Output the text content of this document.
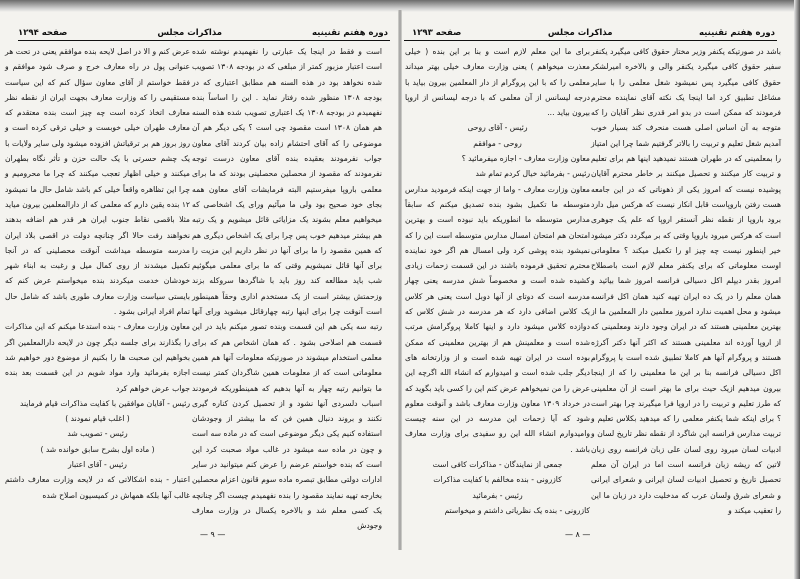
دوره هفتم تقنینیه
مذاکرات مجلس
صفحه ۱۲۹۴

عرض کنم و الا در اصل لایحه بنده موافقم یعنی در تحت هر عنوانی پول در راه معارف خرج و صرف شود موافقم و فقط خواستم از آقای معاون سؤال کنم که این سیاست مستقیمی را که وزارت معارف بجهت ایران از نقطه نظر معارف اتخاذ کرده است چه چیز است بنده معتقدم که معارف طهران خیلی خوبست و خیلی ترقی کرده است و روز بروز هم بر ترقیاتش افزوده میشود ولی سایر ولایات با یک چشم حسرتی با یک حالت حزن و تأثر نگاه بطهران میکنند و خیلی اظهار تعجب میکنند که چرا ما محرومیم و چرا این تظاهره واقعاً خیلی کم باشد شامل حال ما نمیشود ۱۲ بنده یقین دارم که معلمی که از دارالمعلمین بیرون میاید مثلا باقصی نقاط جنوب ایران هر قدر هم اضافه بدهند نخواهند رفت حالا اگر چنانچه دولت در اقصی بلاد ایران مدرسه متوسطه میداشت آنوقت محصلینی که در آنجا تکمیل میشدند از روی کمال میل و رغبت به ابناء شهر خودشان خدمت میکردند بنده میخواستم عرض کنم که بایستی سیاست وزارت معارف طوری باشد که شامل حال تمام افراد ایرانی بشود .

معاون وزارت معارف - بنده استدعا میکنم که این مذاکرات را بگذارند برای جلسه دیگر چون در لایحه دارالمعلمین اگر بخواهیم این صحبت ها را بکنیم از موضوع دور خواهیم شد اجازه بفرمائید وارد مواد شویم در این قسمت بعد بنده جواب عرض خواهم کرد

رئیس - آقایان موافقین با کفایت مذاکرات قیام فرمایند

( اغلب قیام نمودند )

رئیس - تصویب شد

( ماده اول بشرح سابق خوانده شد )

رئیس - آقای اعتبار

اعتبار - بنده اشکالاتی که در لایحه وزارت معارف داشتم غالب آنها بلکه همهاش در کمیسیون اصلاح شده

است و فقط در اینجا یک عبارتی را نفهمیدم نوشته شده است اعتبار مزبور کمتر از مبلغی که در بودجه ۱۳۰۸ تصویب شده نخواهد بود در هذه السنه هم مطابق اعتباری که در بودجه ۱۳۰۸ منظور شده رفتار نماید . این را اساساً بنده نفهمیدم در بودجه ۱۳۰۸ یک اعتباری تصویب شده هذه السنه هم همان ۱۳۰۸ است مقصود چی است ؟ یکی دیگر هم آن موضوعی را که آقای احتشام زاده بیان کردند آقای معاون جواب نفرمودند بعقیده بنده آقای معاون درست توجه نفرمودند که مقصود از محصلین محصلینی بودند که ما برای معلمی باروپا میفرستیم البته فرمایشات آقای معاون همه بجای خود صحیح بود ولی ما میآئیم ورای یک اشخاصی که میخواهیم معلم بشوند یک مزایائی قائل میشویم و یک رتبه هم بیشتر میدهیم خوب پس چرا برای یک اشخاص دیگری هم که همین مقصود را ما برای آنها در نظر داریم این مزیت را برای آنها قائل نمیشویم وقتی که ما برای معلمی میگوئیم شب باید مطالعه کند روز باید با شاگردها سروکله بزند وزحمتش بیشتر است از یک مستخدم اداری وحقاً همینطور است آنوقت چرا برای اینها رتبه چهارقائل میشوید ورای آنها رتبه سه یکی هم این قسمت وبنده تصور میکنم باید در این قسمت هم اصلاحی بشود . که همان اشخاص هم که برای معلمی استخدام میشوند در صورتیکه معلومات آنها هم همین معلوماتی است که از معلومات همین شاگردان کمتر نیست ما بتوانیم رتبه چهار به آنها بدهیم که همینطوریکه فرمودند اسباب دلسردی آنها نشود و از تحصیل کردن کناره گیری نکنند و بروند دنبال همین فن که ما بیشتر از وجودشان استفاده کنیم یکی دیگر موضوعی است که در ماده سه است و چون در ماده سه میشود در غالب مواد صحبت کرد این است که بنده خواستم عرضم را عرض کنم میتوانید در سایر ادارات دولتی مطابق تبصره ماده سوم قانون اعزام محصلین بخارجه تهیه نمایند مقصود را بنده نفهمیدم چیست اگر چنانچه یک کسی معلم شد و بالاخره یکسال در وزارت معارف وجودش

— ۹ —
دوره هفتم تقنینیه
مذاکرات مجلس
صفحه ۱۲۹۳

برای ما این معلم لازم است و بنا بر این بنده ( خیلی معذرت میخواهم ) یعنی وزارت معارف خیلی بهتر میداند معلمی را که با این پروگرام از دار المعلمین بیرون بیاید با درجه لیسانس از آن معلمی که با درجه لیسانس از اروپا بیرون بیاید ...

رئیس - آقای روحی

روحی - موافقم

معاون وزارت معارف - اجازه میفرمائید ؟

رئیس - بفرمائید خیال کردم تمام شد

معاون وزارت معارف - واما از جهت اینکه فرمودید مدارس متوسطه ما تکمیل بشود بنده تصدیق میکنم که سابقاً مدارس متوسطه ما انطوریکه باید نبوده است و بهترین امتحان هم امتحان امسال مدارس متوسطه است این را که نمیشود بنده پوشی کرد ولی امسال هم اگر خود نماینده محترم تحقیق فرموده باشند در این قسمت زحمات زیادی کشیده شده است و مخصوصاً شش مدرسه یعنی چهار مدرسه است که دوتای از آنها دوبل است یعنی هر کلاس یک کلاس اضافی دارد که هر مدرسه در شش کلاس که دوازده کلاس میشود دارد و اینها کاملا پروگرامش مرتب شده است و معلمینش هم از بهترین معلمینی که ممکن بوده است در ایران تهیه شده است و از وزارتخانه های دیگر جلب شده است و امیدوارم که انشاء الله اگرچه این عرض را من نمیخواهم عرض کنم این را کسی باید بگوید که در خرداد ۱۳۰۹ معاون وزارت معارف باشد و آنوقت معلوم شود که آیا زحمات این مدرسه در این سنه چیست وامیدوارم انشاء الله این رو سفیدی برای وزارت معارف باشد .

جمعی از نمایندگان - مذاکرات کافی است

کازرونی - بنده مخالفم با کفایت مذاکرات

رئیس - بفرمائید

کازرونی - بنده یک نظریاتی داشتم و میخواستم

باشد در صورتیکه یکنفر وزیر مختار حقوق کافی میگیرد یکنفر سفیر حقوق کافی میگیرد یکنفر والی و بالاخره امیرلشکر حقوق کافی میگیرد پس نمیشود شغل معلمی را با سایر مشاغل تطبیق کرد اما اینجا یک نکته آقای نماینده محترم فرمودند که ممکن است در بدو امر قدری نظر آقایان را که متوجه به آن اساس اصلی هست منحرف کند بسیار خوب آمدیم شغل تعلیم و تربیت را بالاتر گرفتیم شما چرا این امتیاز را بمعلمینی که در طهران هستند نمیدهید اینها هم برای تعلیم و تربیت کار میکنند و تحصیل میکنند بر خاطر محترم آقایان پوشیده نیست که امروز یکی از ذهوناتی که در این جامعه هست رفتن باروپاست قابل انکار نیست که هرکس میل دارد برود باروپا از نقطه نظر آنستفر اروپا که علم یک جوهری است که هرکس میرود باروپا وقتی که بر میگردد دکتر میشود خیر اینطور نیست چه چیز او را تکمیل میکند ؟ معلوماتی اوست معلوماتی که برای یکنفر معلم لازم است باصطلاح امروز بقدر دیپلم اکل دسیالی فرانسه امروز شما بیائید و همان معلم را در یک ده ایران تهیه کنید همان اکل فرانسه میشود و محل اهمیت ندارد امروز معلمین دار المعلمین ما از بهترین معلمینی هستند که در ایران وجود دارند ومعلمینی که از اروپا آورده اند معلمینی هستند که اکثر آنها دکتر آکرژه هستند و پروگرام آنها هم کاملا تطبیق شده است با پروگرام اکل دسیالی فرانسه بنا بر این ما معلمینی را که از اینجا بیرون میدهیم ازیک حیث برای ما بهتر است از آن معلمینی که طرز تعلیم و تربیت را در اروپا فرا میگیرند چرا بهتر است ؟ برای اینکه شما یکنفر معلمی را که میدهید بکلاس تعلیم و تربیت مدارس فرانسه این شاگرد از نقطه نظر تاریخ لسان و ادبیات لسان میرود روی لسان علی زبان فرانسه روی زبان لاتین که ریشه زبان فرانسه است اما در ایران آن معلم تحصیل تاریخ و تحصیل ادبیات لسان ایرانی و شعرای ایرانی و شعرای شرق ولسان عرب که مدخلیت دارد در زبان ما این را تعقیب میکند و

— ۸ —
